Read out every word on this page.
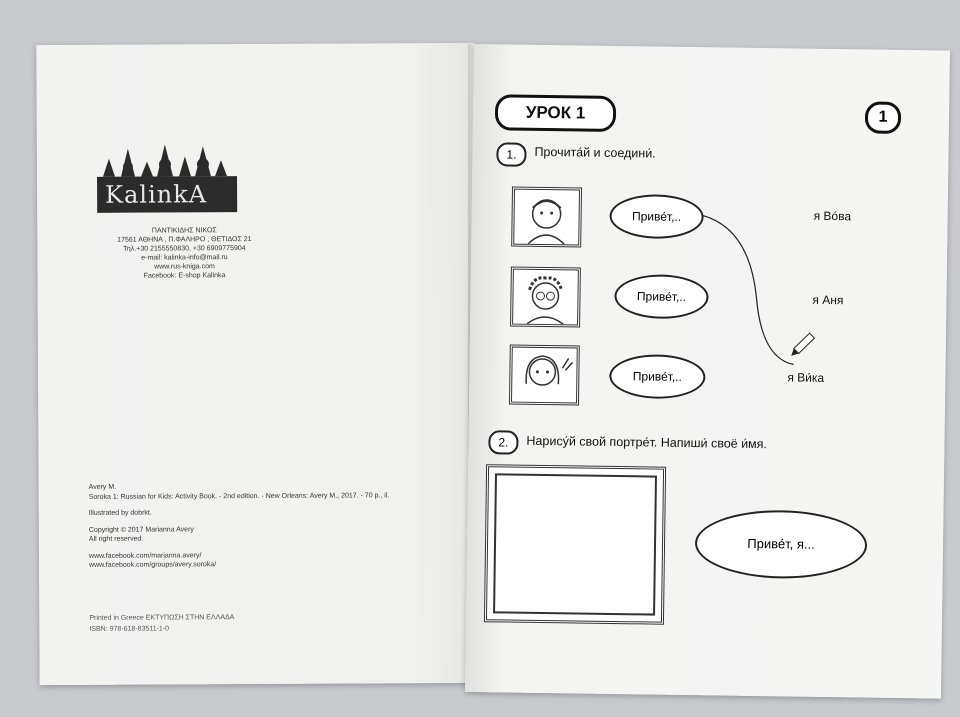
KalinkA
ΠΑΝΤΙΚΙΔΗΣ ΝΙΚΟΣ
17561 ΑΘΗΝΑ , Π.ΦΑΛΗΡΟ , ΘΕΤΙΔΟΣ 21
Τηλ.+30 2155550830, +30 6909775904
e-mail: kalinka-info@mail.ru
www.rus-kniga.com
Facebook: E-shop Kalinka

Avery M.
Soroka 1: Russian for Kids: Activity Book. - 2nd edition. - New Orleans: Avery M., 2017. - 70 p., il.

Illustrated by dobrkt.

Copyright © 2017 Marianna Avery
All right reserved.

www.facebook.com/marianna.avery/
www.facebook.com/groups/avery.soroka/

Printed in Greece ΕΚΤΥΠΩΣΗ ΣΤΗΝ ΕΛΛΑΔΑ
ISBN: 978-618-83511-1-0
УРОК 1	1
1.	Прочита́й и соедини́.
Приве́т,..
Приве́т,..
Приве́т,..
я Во́ва
я Аня
я Ви́ка
2.	Нарису́й свой портре́т. Напиши́ своё и́мя.
Приве́т, я...
